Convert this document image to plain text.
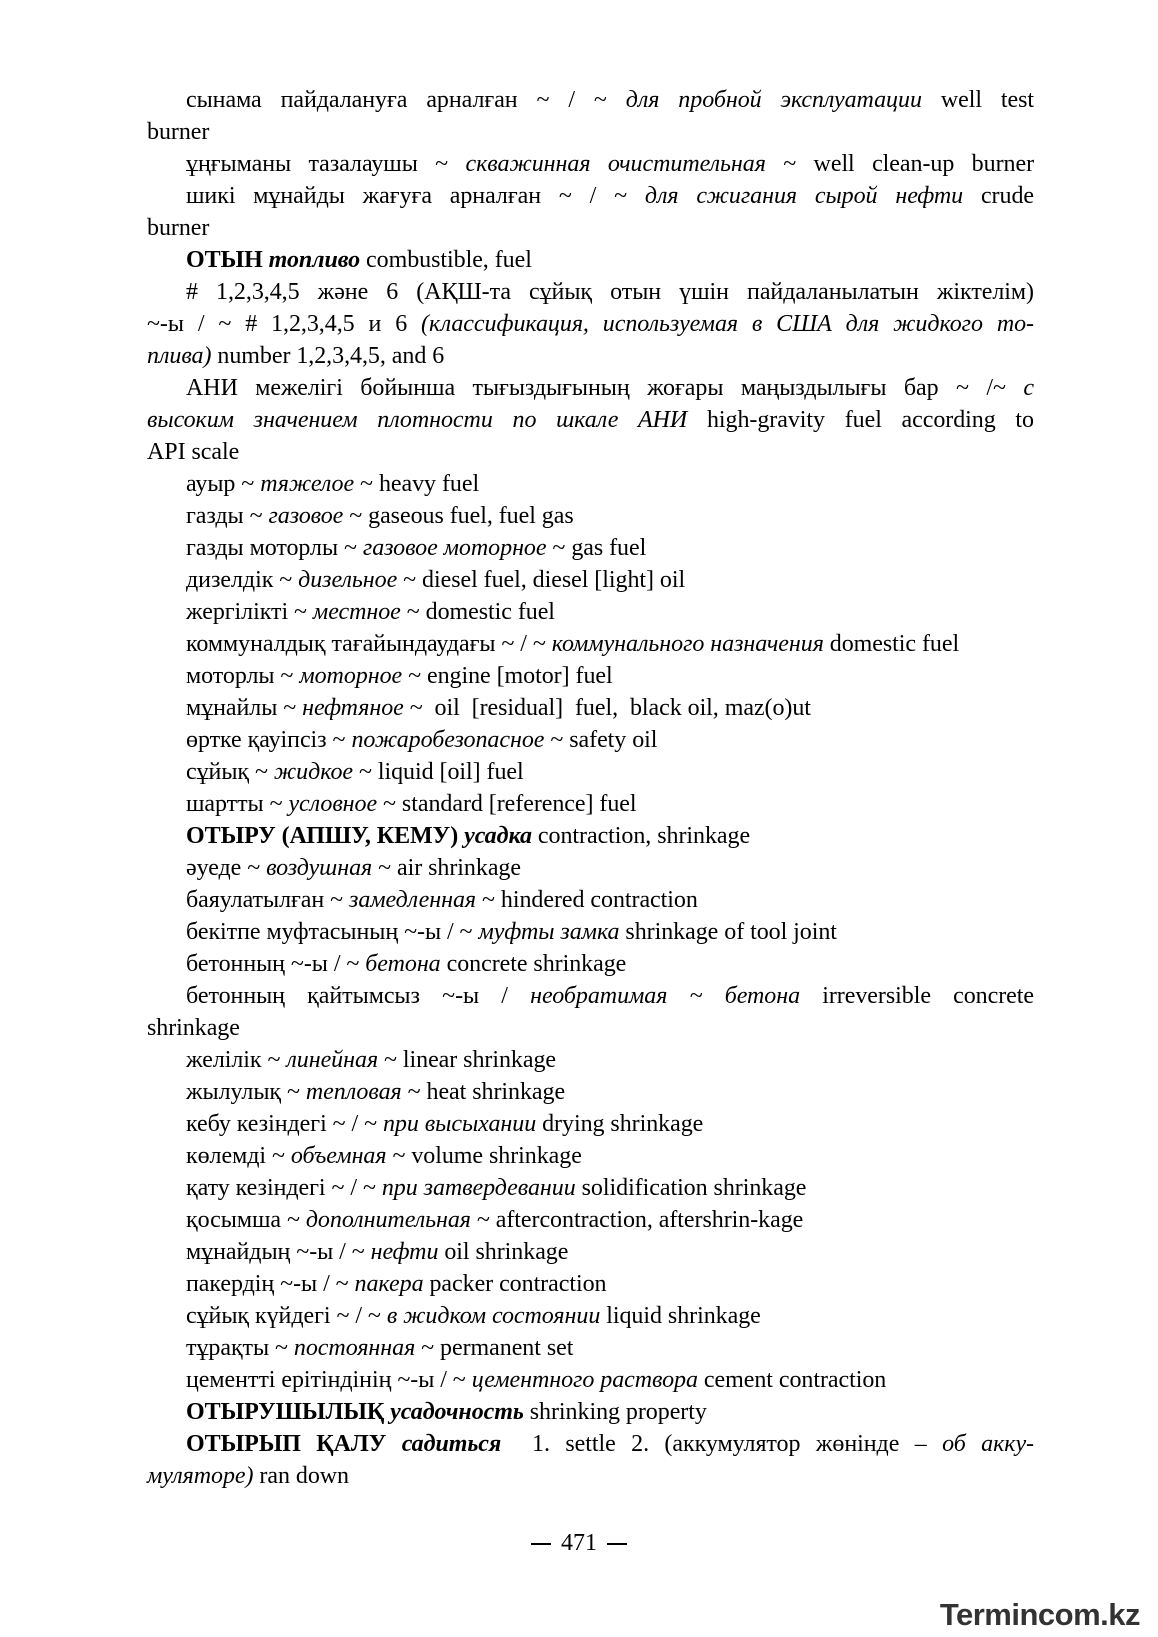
сынама пайдалануға арналған ~ / ~ для пробной эксплуатации well test
burner
ұңғыманы тазалаушы ~ скважинная очистительная ~ well clean-up burner
шикі мұнайды жағуға арналған ~ / ~ для сжигания сырой нефти crude
burner
ОТЫН топливо combustible, fuel
# 1,2,3,4,5 және 6 (АҚШ-та сұйық отын үшін пайдаланылатын жіктелім)
~-ы / ~ # 1,2,3,4,5 и 6 (классификация, используемая в США для жидкого то-
плива) number 1,2,3,4,5, and 6
АНИ межелігі бойынша тығыздығының жоғары маңыздылығы бар ~ /~ с
высоким значением плотности по шкале АНИ high-gravity fuel according to
API scale
ауыр ~ тяжелое ~ heavy fuel
газды ~ газовое ~ gaseous fuel, fuel gas
газды моторлы ~ газовое моторное ~ gas fuel
дизелдік ~ дизельное ~ diesel fuel, diesel [light] oil
жергілікті ~ местное ~ domestic fuel
коммуналдық тағайындаудағы ~ / ~ коммунального назначения domestic fuel
моторлы ~ моторное ~ engine [motor] fuel
мұнайлы ~ нефтяное ~  oil  [residual]  fuel,  black oil, maz(o)ut
өртке қауіпсіз ~ пожаробезопасное ~ safety oil
сұйық ~ жидкое ~ liquid [oil] fuel
шартты ~ условное ~ standard [reference] fuel
ОТЫРУ (АПШУ, КЕМУ) усадка contraction, shrinkage
әуеде ~ воздушная ~ air shrinkage
баяулатылған ~ замедленная ~ hindered contraction
бекітпе муфтасының ~-ы / ~ муфты замка shrinkage of tool joint
бетонның ~-ы / ~ бетона concrete shrinkage
бетонның қайтымсыз ~-ы / необратимая ~ бетона irreversible concrete
shrinkage
желілік ~ линейная ~ linear shrinkage
жылулық ~ тепловая ~ heat shrinkage
кебу кезіндегі ~ / ~ при высыхании drying shrinkage
көлемді ~ объемная ~ volume shrinkage
қату кезіндегі ~ / ~ при затвердевании solidification shrinkage
қосымша ~ дополнительная ~ aftercontraction, aftershrin-kage
мұнайдың ~-ы / ~ нефти oil shrinkage
пакердің ~-ы / ~ пакера packer contraction
сұйық күйдегі ~ / ~ в жидком состоянии liquid shrinkage
тұрақты ~ постоянная ~ permanent set
цементті ерітіндінің ~-ы / ~ цементного раствора cement contraction
ОТЫРУШЫЛЫҚ усадочность shrinking property
ОТЫРЫП ҚАЛУ садиться  1. settle 2. (аккумулятор жөнінде – об акку-
муляторе) ran down
471
Termincom.kz
